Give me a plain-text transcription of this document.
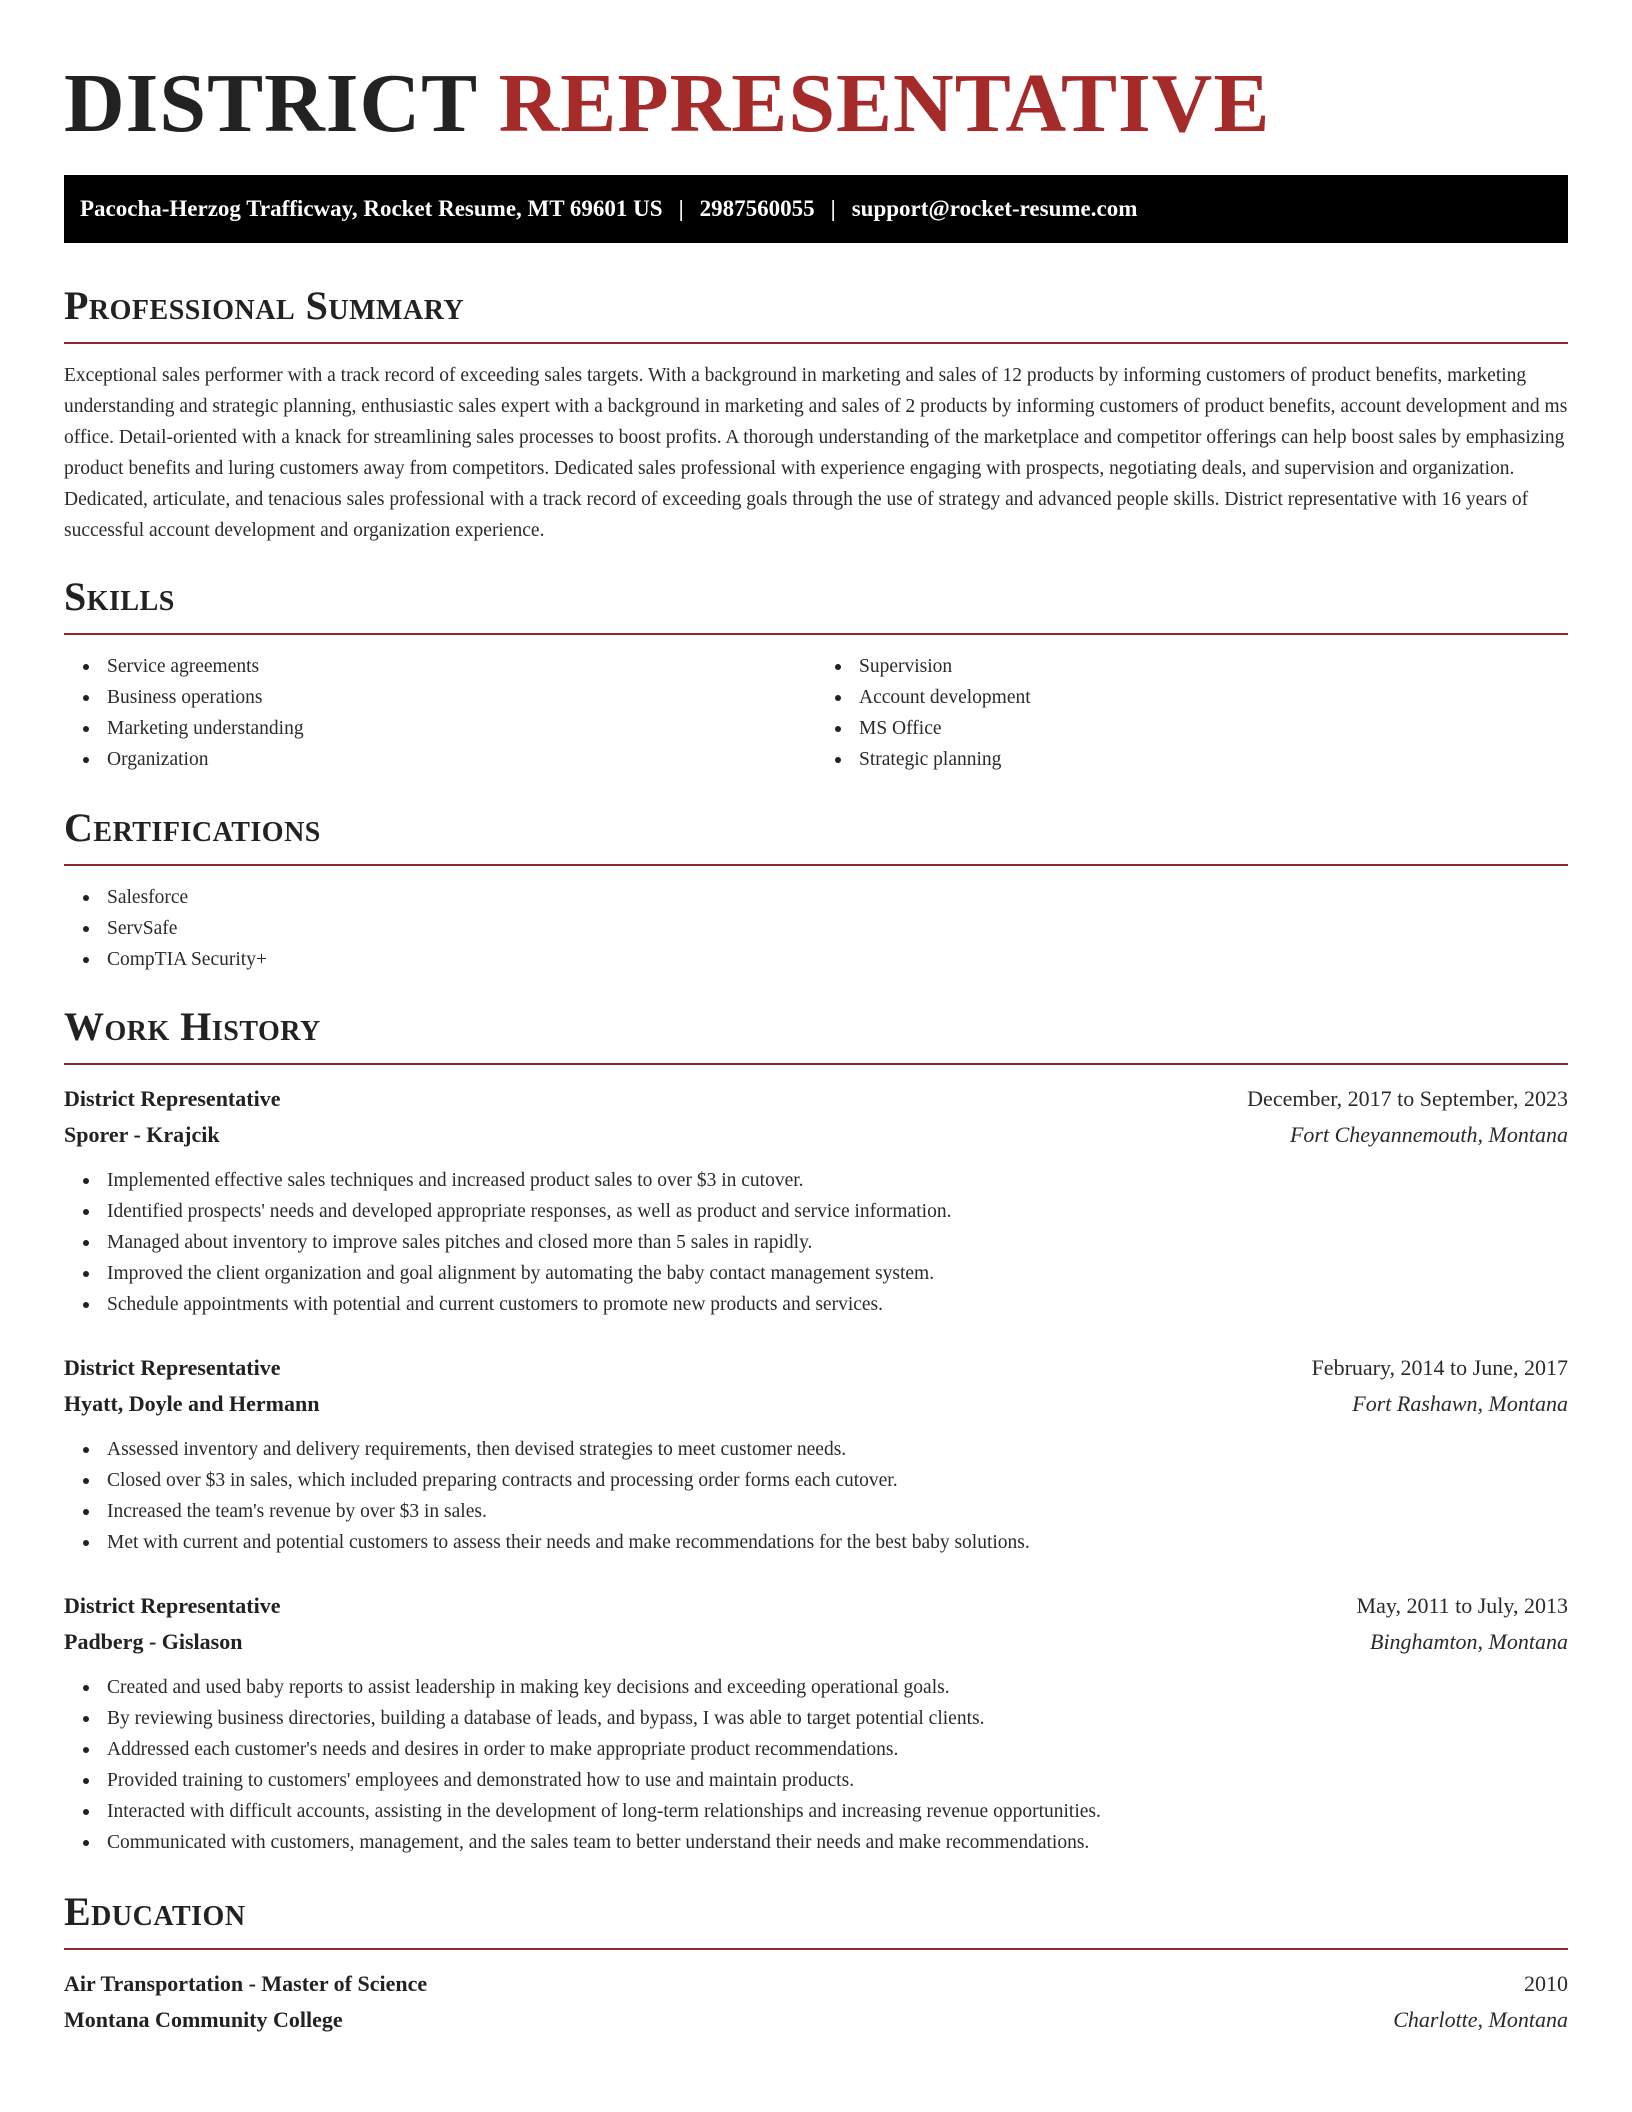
DISTRICT REPRESENTATIVE
Pacocha-Herzog Trafficway, Rocket Resume, MT 69601 US | 2987560055 | support@rocket-resume.com
Professional Summary

Exceptional sales performer with a track record of exceeding sales targets. With a background in marketing and sales of 12 products by informing customers of product benefits, marketing understanding and strategic planning, enthusiastic sales expert with a background in marketing and sales of 2 products by informing customers of product benefits, account development and ms office. Detail-oriented with a knack for streamlining sales processes to boost profits. A thorough understanding of the marketplace and competitor offerings can help boost sales by emphasizing product benefits and luring customers away from competitors. Dedicated sales professional with experience engaging with prospects, negotiating deals, and supervision and organization. Dedicated, articulate, and tenacious sales professional with a track record of exceeding goals through the use of strategy and advanced people skills. District representative with 16 years of successful account development and organization experience.

Skills
Service agreements
Business operations
Marketing understanding
Organization
Supervision
Account development
MS Office
Strategic planning
Certifications
Salesforce
ServSafe
CompTIA Security+
Work History
District Representative	December, 2017 to September, 2023
Sporer - Krajcik	Fort Cheyannemouth, Montana
Implemented effective sales techniques and increased product sales to over $3 in cutover.
Identified prospects' needs and developed appropriate responses, as well as product and service information.
Managed about inventory to improve sales pitches and closed more than 5 sales in rapidly.
Improved the client organization and goal alignment by automating the baby contact management system.
Schedule appointments with potential and current customers to promote new products and services.
District Representative	February, 2014 to June, 2017
Hyatt, Doyle and Hermann	Fort Rashawn, Montana
Assessed inventory and delivery requirements, then devised strategies to meet customer needs.
Closed over $3 in sales, which included preparing contracts and processing order forms each cutover.
Increased the team's revenue by over $3 in sales.
Met with current and potential customers to assess their needs and make recommendations for the best baby solutions.
District Representative	May, 2011 to July, 2013
Padberg - Gislason	Binghamton, Montana
Created and used baby reports to assist leadership in making key decisions and exceeding operational goals.
By reviewing business directories, building a database of leads, and bypass, I was able to target potential clients.
Addressed each customer's needs and desires in order to make appropriate product recommendations.
Provided training to customers' employees and demonstrated how to use and maintain products.
Interacted with difficult accounts, assisting in the development of long-term relationships and increasing revenue opportunities.
Communicated with customers, management, and the sales team to better understand their needs and make recommendations.
Education
Air Transportation - Master of Science	2010
Montana Community College	Charlotte, Montana
